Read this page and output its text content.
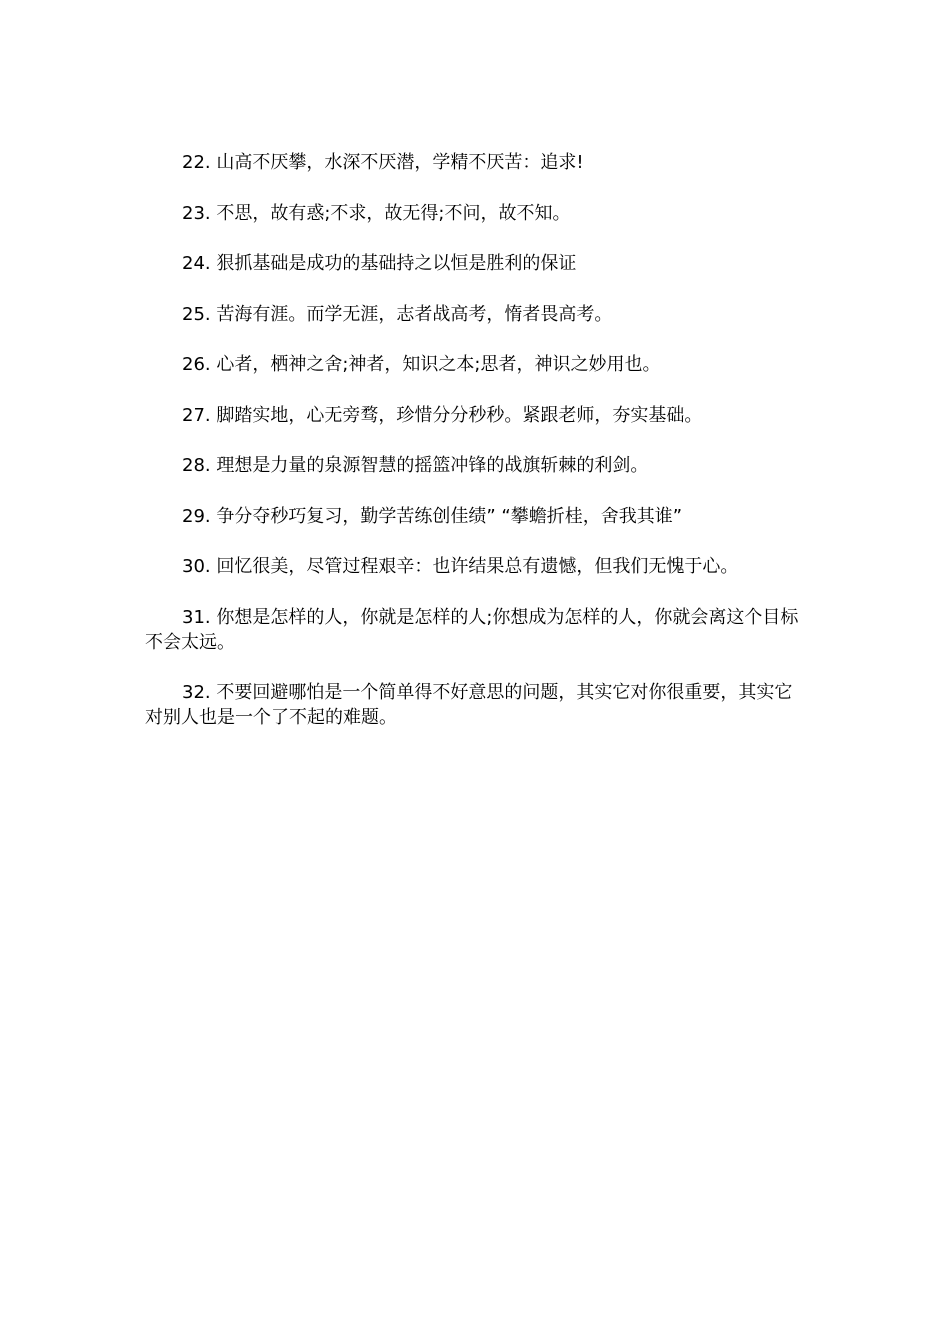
22. 山高不厌攀，水深不厌潜，学精不厌苦：追求!

23. 不思，故有惑;不求，故无得;不问，故不知。

24. 狠抓基础是成功的基础持之以恒是胜利的保证

25. 苦海有涯。而学无涯，志者战高考，惰者畏高考。

26. 心者，栖神之舍;神者，知识之本;思者，神识之妙用也。

27. 脚踏实地，心无旁骛，珍惜分分秒秒。紧跟老师，夯实基础。

28. 理想是力量的泉源智慧的摇篮冲锋的战旗斩棘的利剑。

29. 争分夺秒巧复习，勤学苦练创佳绩” “攀蟾折桂，舍我其谁”

30. 回忆很美，尽管过程艰辛：也许结果总有遗憾，但我们无愧于心。

31. 你想是怎样的人，你就是怎样的人;你想成为怎样的人，你就会离这个目标不会太远。

32. 不要回避哪怕是一个简单得不好意思的问题，其实它对你很重要，其实它对别人也是一个了不起的难题。
